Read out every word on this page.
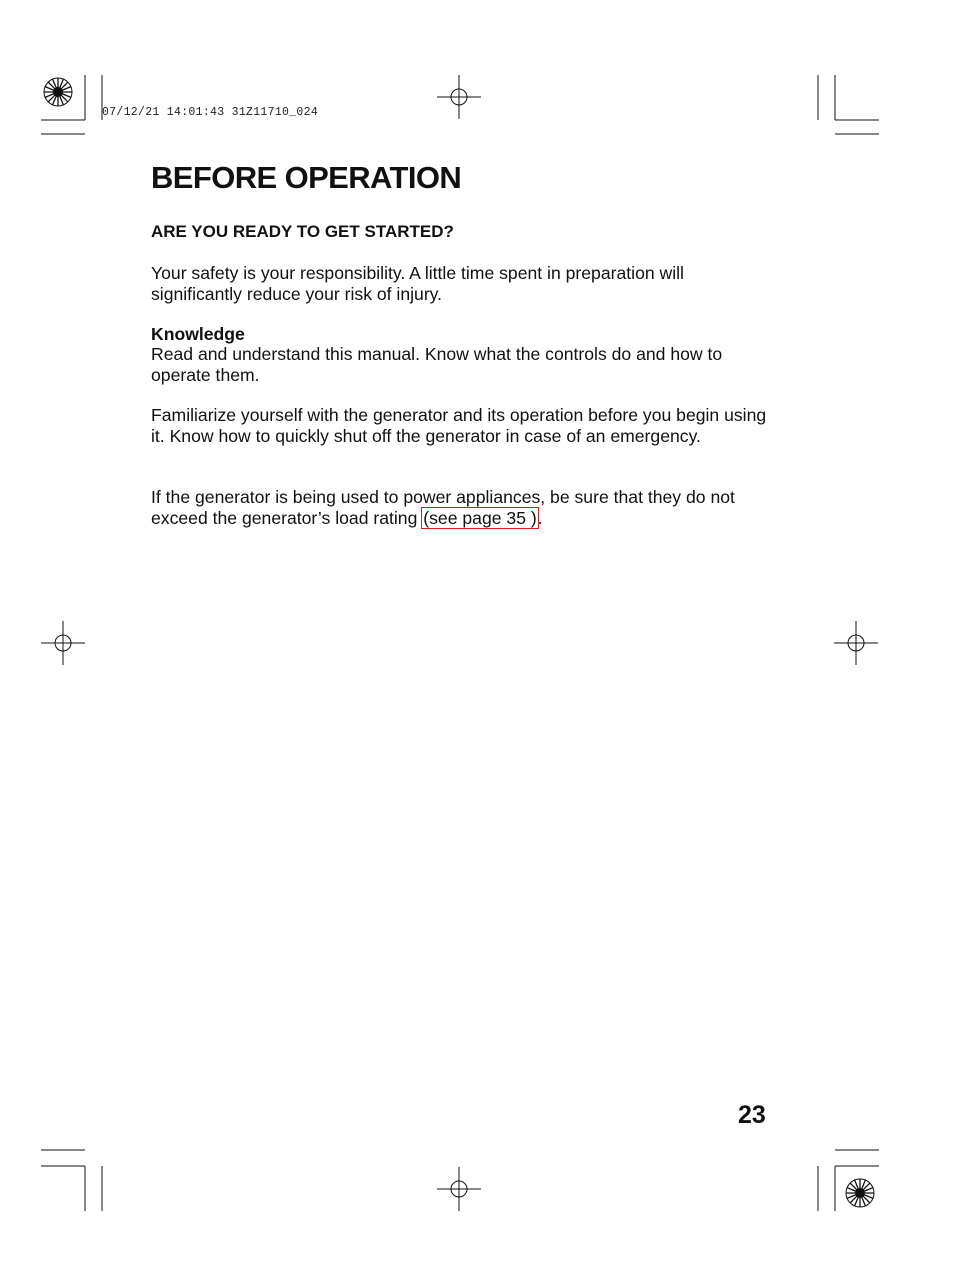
07/12/21 14:01:43 31Z11710_024
BEFORE OPERATION
ARE YOU READY TO GET STARTED?

Your safety is your responsibility. A little time spent in preparation will significantly reduce your risk of injury.

Knowledge

Read and understand this manual. Know what the controls do and how to operate them.

Familiarize yourself with the generator and its operation before you begin using it. Know how to quickly shut off the generator in case of an emergency.

If the generator is being used to power appliances, be sure that they do not exceed the generator’s load rating (see page 35 ).

23
